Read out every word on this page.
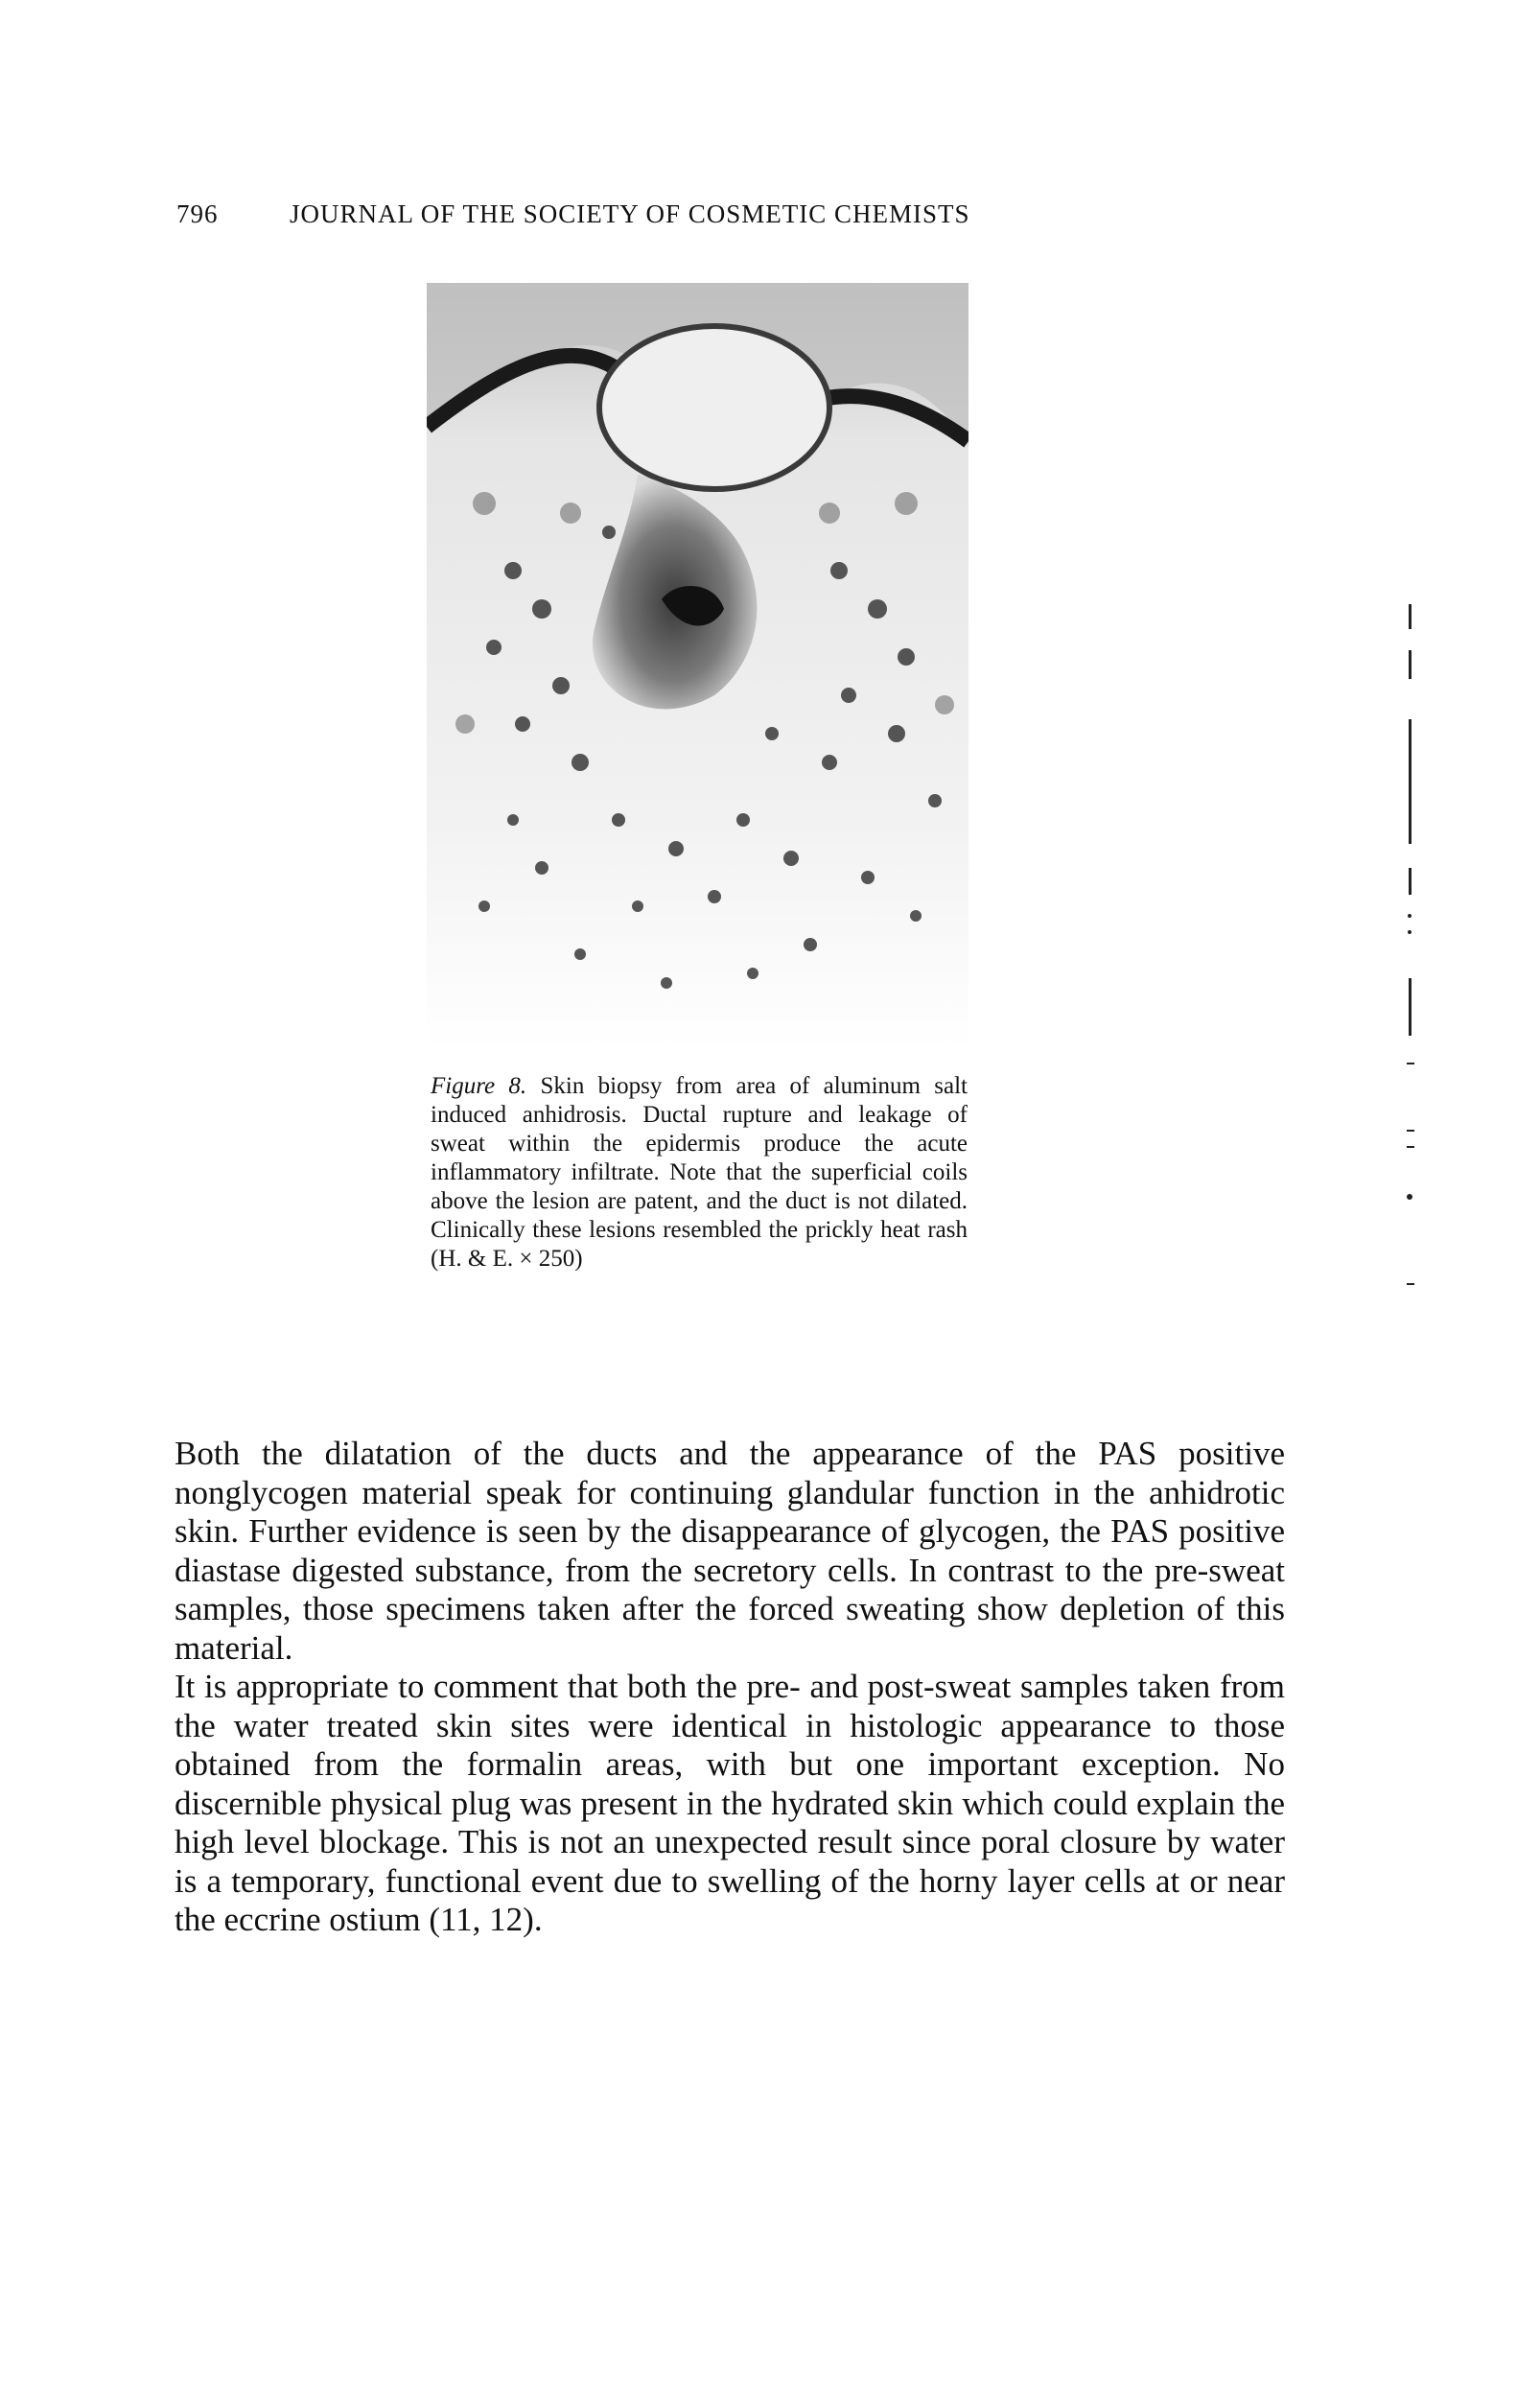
796	JOURNAL OF THE SOCIETY OF COSMETIC CHEMISTS
Figure 8. Skin biopsy from area of aluminum salt induced anhidrosis. Ductal rupture and leakage of sweat within the epidermis produce the acute inflammatory infiltrate. Note that the superficial coils above the lesion are patent, and the duct is not dilated. Clinically these lesions resembled the prickly heat rash (H. & E. × 250)

Both the dilatation of the ducts and the appearance of the PAS positive nonglycogen material speak for continuing glandular function in the anhidrotic skin. Further evidence is seen by the disappearance of glycogen, the PAS positive diastase digested substance, from the secretory cells. In contrast to the pre-sweat samples, those specimens taken after the forced sweating show depletion of this material.

It is appropriate to comment that both the pre- and post-sweat samples taken from the water treated skin sites were identical in histologic appearance to those obtained from the formalin areas, with but one important exception. No discernible physical plug was present in the hydrated skin which could explain the high level blockage. This is not an unexpected result since poral closure by water is a temporary, functional event due to swelling of the horny layer cells at or near the eccrine ostium (11, 12).
